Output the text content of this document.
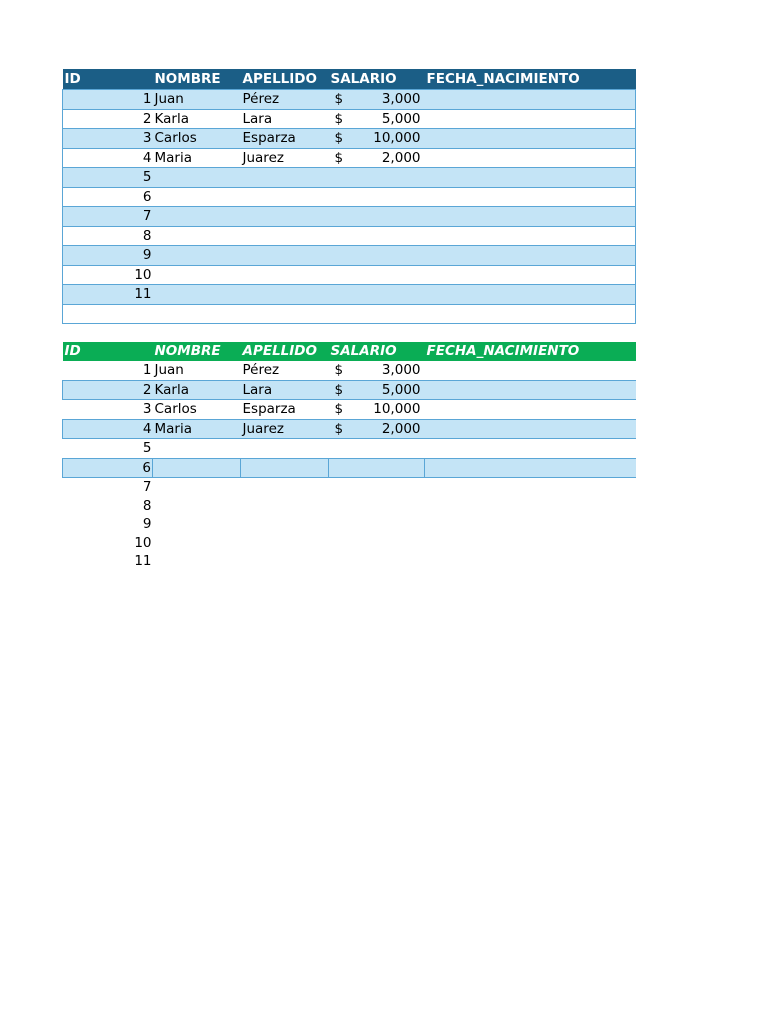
ID	NOMBRE	APELLIDO	SALARIO	FECHA_NACIMIENTO
1	Juan	Pérez	$ 3,000	

2	Karla	Lara	$ 5,000	

3	Carlos	Esparza	$ 10,000	

4	Maria	Juarez	$ 2,000	

5			

6			

7			

8			

9			

10			

11			

ID	NOMBRE	APELLIDO	SALARIO	FECHA_NACIMIENTO
1	Juan	Pérez	$ 3,000	

2	Karla	Lara	$ 5,000	

3	Carlos	Esparza	$ 10,000	

4	Maria	Juarez	$ 2,000	

5			

6			

7			

8			

9			

10			

11			
